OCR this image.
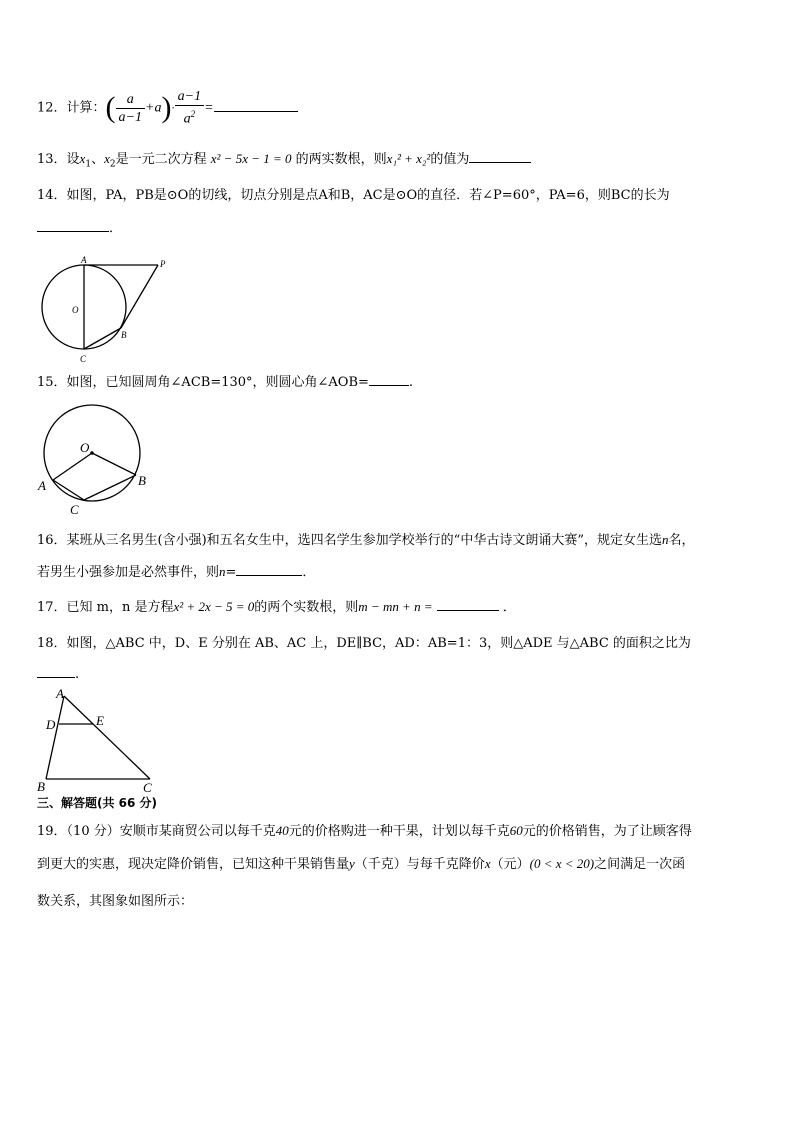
12．计算：( $\frac{a}{a-1} +a)\cdot \frac{a-1}{a^2}$ =
13．设$x_1$、$x_2$是一元二次方程 x² − 5x − 1 = 0 的两实数根，则x₁² + x₂²的值为
14．如图，PA，PB是⊙O的切线，切点分别是点A和B，AC是⊙O的直径．若∠P=60°，PA=6，则BC的长为
．
A	P
O
B
C
15．如图，已知圆周角∠ACB=130°，则圆心角∠AOB=	.
O
A	B
C
16．某班从三名男生(含小强)和五名女生中，选四名学生参加学校举行的“中华古诗文朗诵大赛”，规定女生选n名，
若男生小强参加是必然事件，则n=	．
17．已知 m，n 是方程x² + 2x − 5 = 0的两个实数根，则m − mn + n =	．
18．如图，△ABC 中，D、E 分别在 AB、AC 上，DE∥BC，AD：AB=1：3，则△ADE 与△ABC 的面积之比为
.
A
D	E
B	C
三、解答题(共 66 分)
19．（10 分）安顺市某商贸公司以每千克40元的价格购进一种干果，计划以每千克60元的价格销售，为了让顾客得
到更大的实惠，现决定降价销售，已知这种干果销售量y（千克）与每千克降价x（元）(0 < x < 20)之间满足一次函
数关系，其图象如图所示：
